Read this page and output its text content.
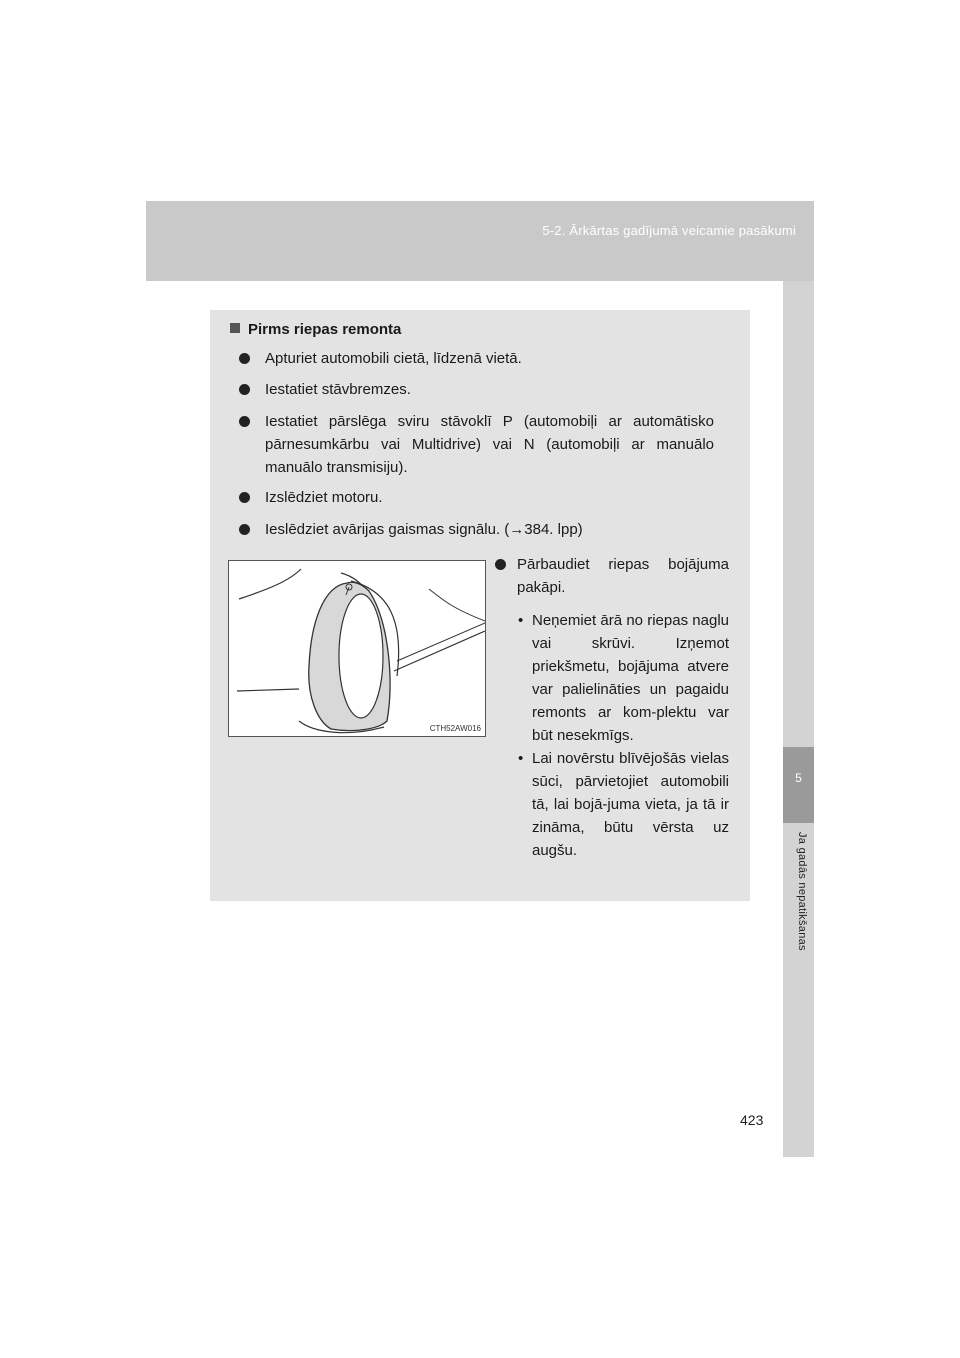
5-2. Ārkārtas gadījumā veicamie pasākumi
5
Ja gadās nepatikšanas
Pirms riepas remonta
Apturiet automobili cietā, līdzenā vietā.
Iestatiet stāvbremzes.
Iestatiet pārslēga sviru stāvoklī P (automobiļi ar automātisko pārnesumkārbu vai Multidrive) vai N (automobiļi ar manuālo manuālo transmisiju).
Izslēdziet motoru.
Ieslēdziet avārijas gaismas signālu. (→384. lpp)
CTH52AW016
Pārbaudiet riepas bojājuma pakāpi.
• Neņemiet ārā no riepas naglu vai skrūvi. Izņemot priekšmetu, bojājuma atvere var palielināties un pagaidu remonts ar kom-plektu var būt nesekmīgs.
• Lai novērstu blīvējošās vielas sūci, pārvietojiet automobili tā, lai bojā-juma vieta, ja tā ir zināma, būtu vērsta uz augšu.
423
